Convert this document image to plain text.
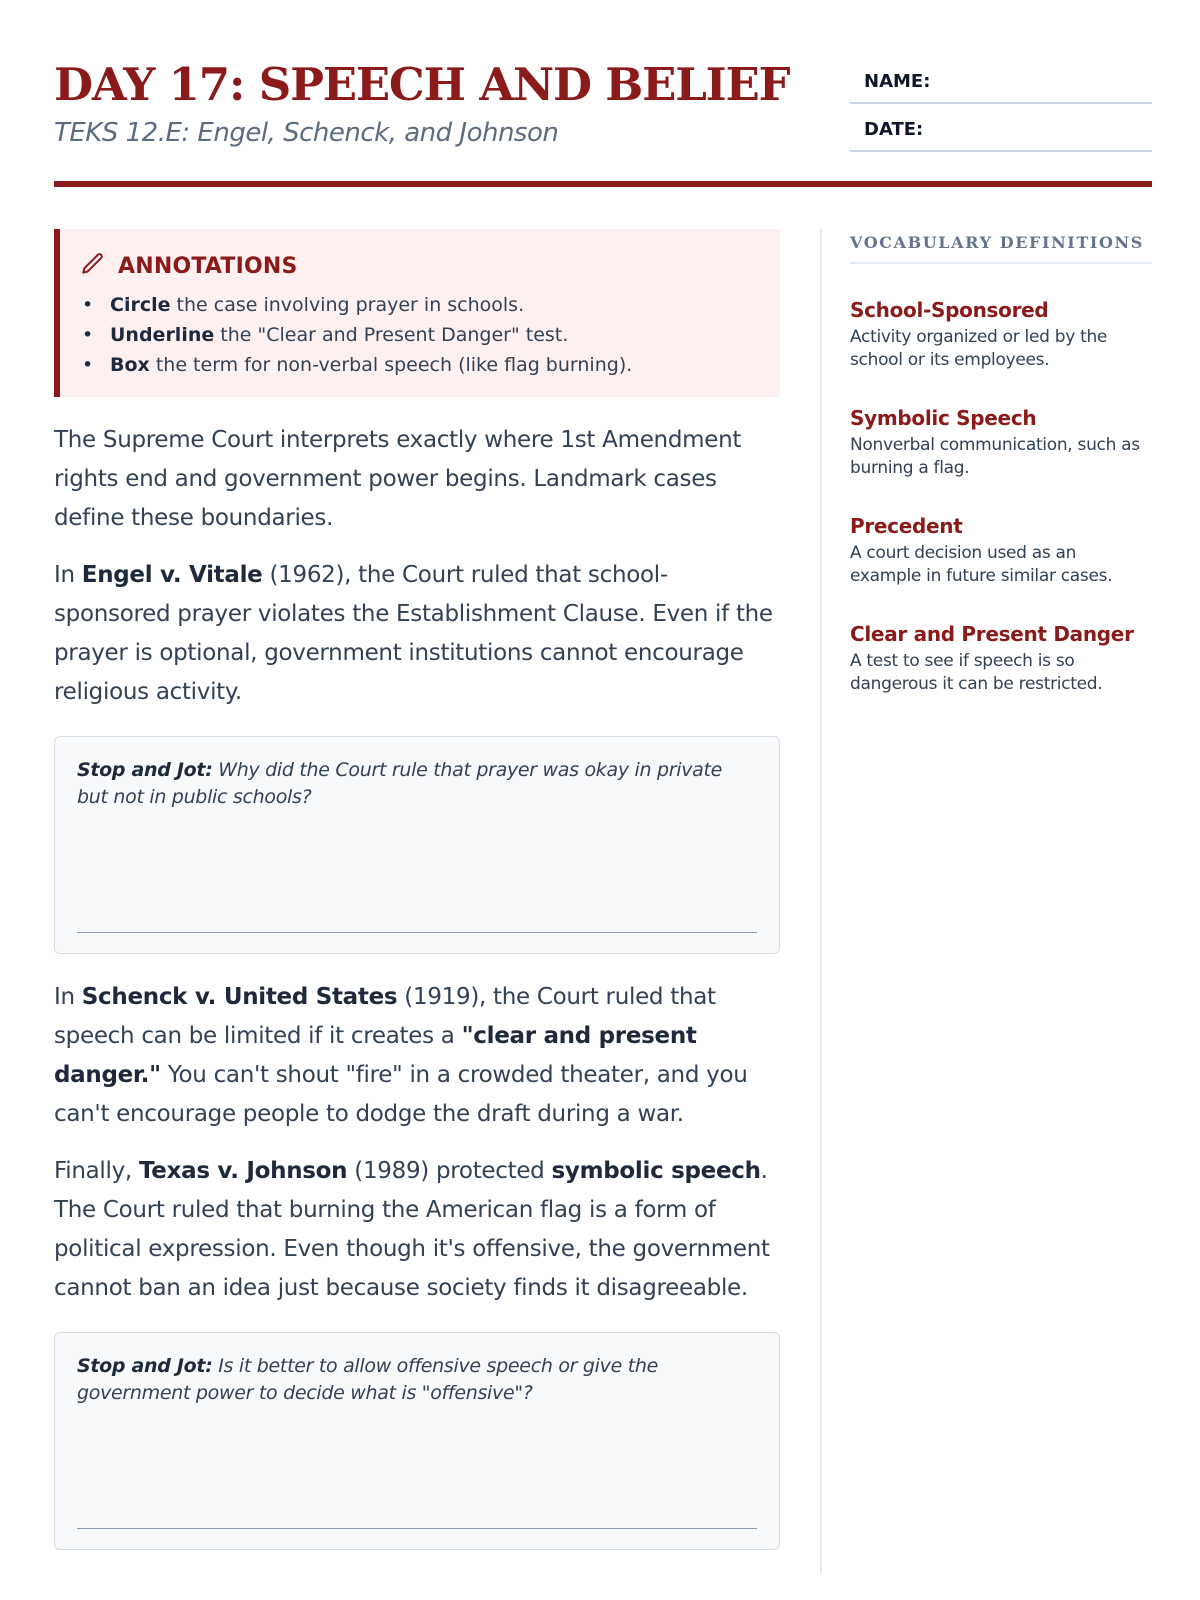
DAY 17: SPEECH AND BELIEF
TEKS 12.E: Engel, Schenck, and Johnson
NAME:
DATE:
ANNOTATIONS
• Circle the case involving prayer in schools.
• Underline the "Clear and Present Danger" test.
• Box the term for non-verbal speech (like flag burning).

The Supreme Court interprets exactly where 1st Amendment rights end and government power begins. Landmark cases define these boundaries.

In Engel v. Vitale (1962), the Court ruled that school-sponsored prayer violates the Establishment Clause. Even if the prayer is optional, government institutions cannot encourage religious activity.

Stop and Jot: Why did the Court rule that prayer was okay in private but not in public schools?

In Schenck v. United States (1919), the Court ruled that speech can be limited if it creates a "clear and present danger." You can't shout "fire" in a crowded theater, and you can't encourage people to dodge the draft during a war.

Finally, Texas v. Johnson (1989) protected symbolic speech. The Court ruled that burning the American flag is a form of political expression. Even though it's offensive, the government cannot ban an idea just because society finds it disagreeable.

Stop and Jot: Is it better to allow offensive speech or give the government power to decide what is "offensive"?

VOCABULARY DEFINITIONS
School-Sponsored
Activity organized or led by the school or its employees.
Symbolic Speech
Nonverbal communication, such as burning a flag.
Precedent
A court decision used as an example in future similar cases.
Clear and Present Danger
A test to see if speech is so dangerous it can be restricted.
